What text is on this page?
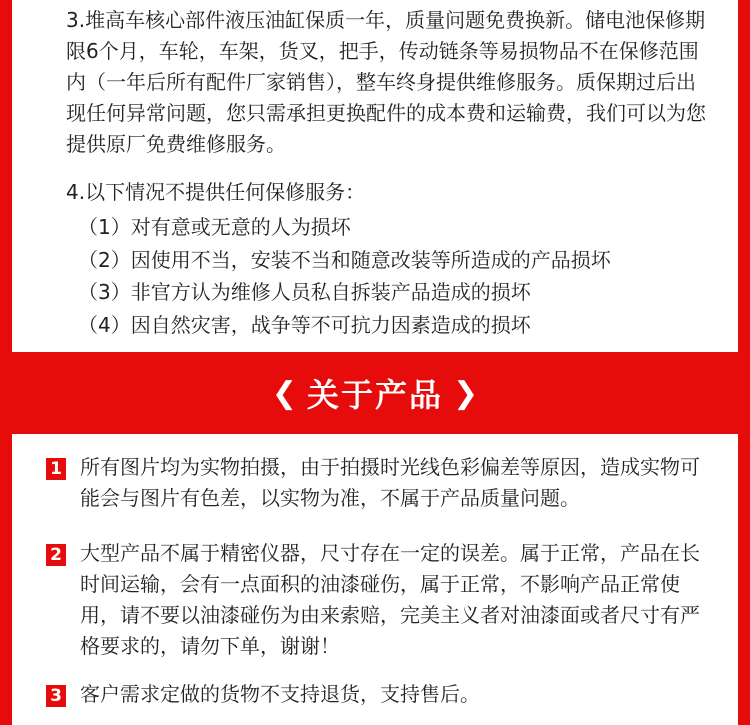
3.堆高车核心部件液压油缸保质一年，质量问题免费换新。储电池保修期限6个月，车轮，车架，货叉，把手，传动链条等易损物品不在保修范围内（一年后所有配件厂家销售），整车终身提供维修服务。质保期过后出现任何异常问题，您只需承担更换配件的成本费和运输费，我们可以为您提供原厂免费维修服务。

4.以下情况不提供任何保修服务：

（1）对有意或无意的人为损坏
（2）因使用不当，安装不当和随意改装等所造成的产品损坏
（3）非官方认为维修人员私自拆装产品造成的损坏
（4）因自然灾害，战争等不可抗力因素造成的损坏
❮ 关于产品 ❯
1 所有图片均为实物拍摄，由于拍摄时光线色彩偏差等原因，造成实物可能会与图片有色差，以实物为准，不属于产品质量问题。

2 大型产品不属于精密仪器，尺寸存在一定的误差。属于正常，产品在长时间运输，会有一点面积的油漆碰伤，属于正常，不影响产品正常使用，请不要以油漆碰伤为由来索赔，完美主义者对油漆面或者尺寸有严格要求的，请勿下单，谢谢！

3 客户需求定做的货物不支持退货，支持售后。
